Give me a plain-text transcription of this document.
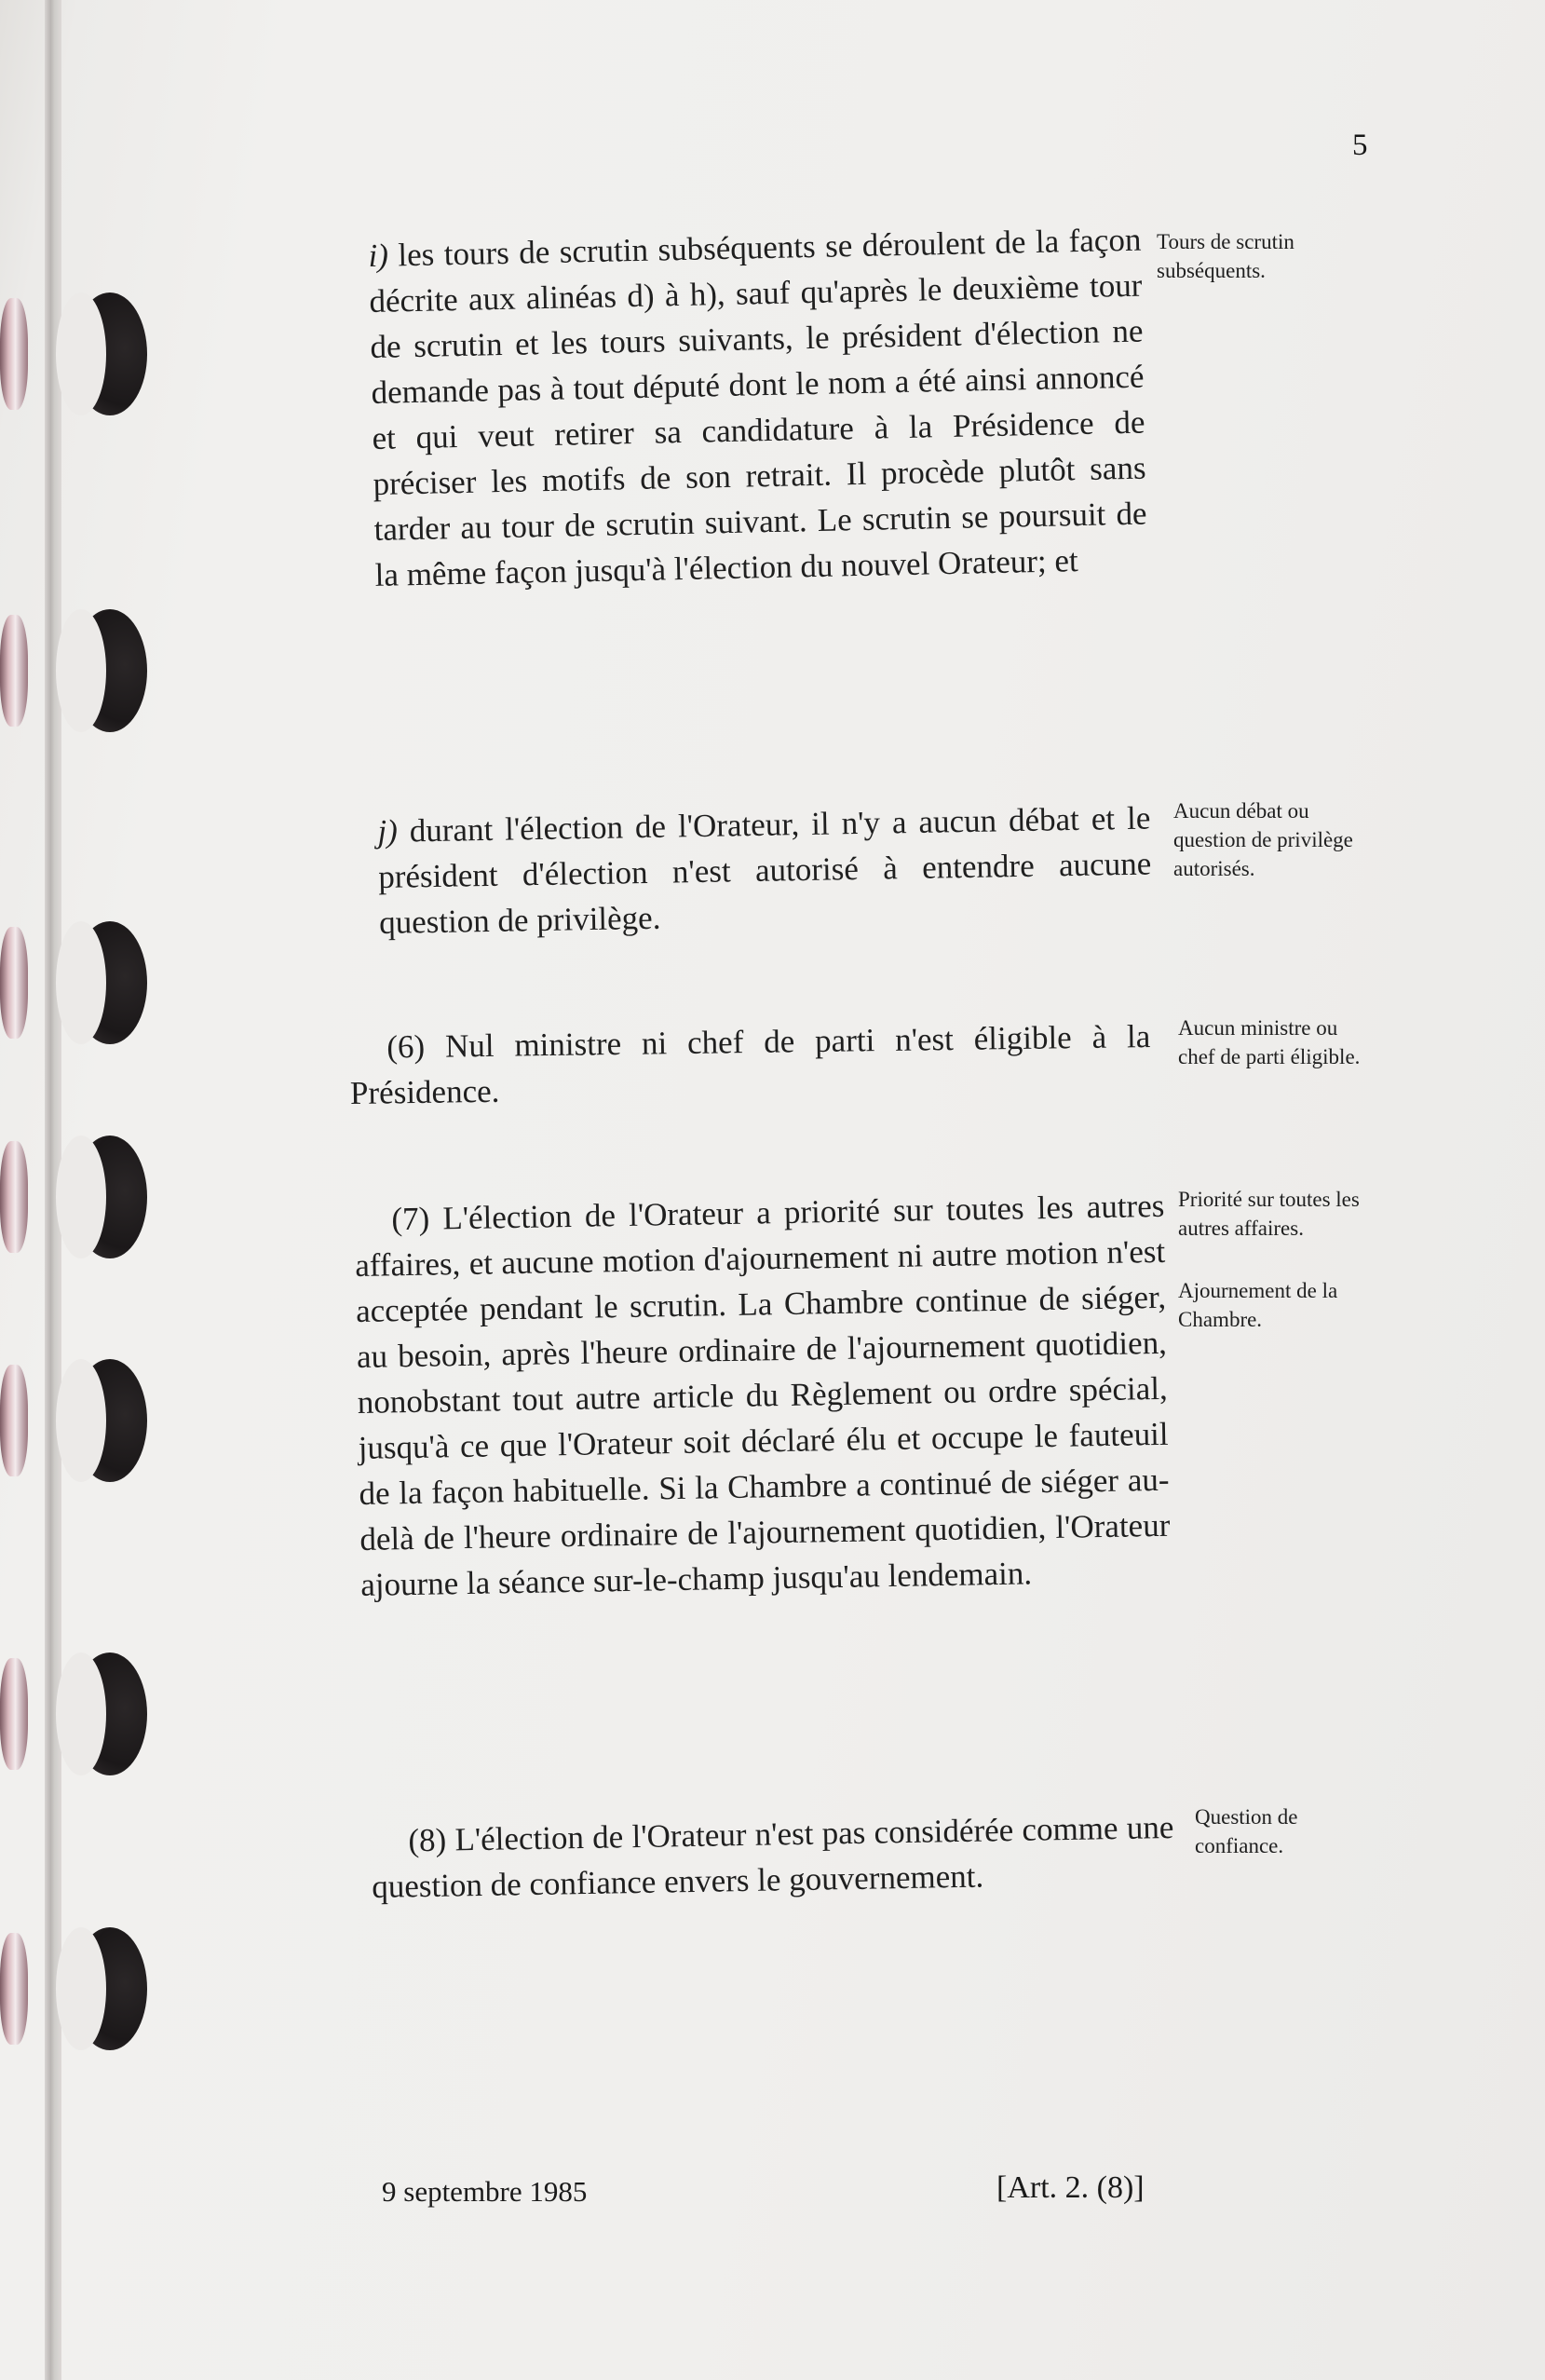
5
i) les tours de scrutin subséquents se déroulent de la façon décrite aux alinéas d) à h), sauf qu'après le deuxième tour de scrutin et les tours suivants, le président d'élection ne demande pas à tout député dont le nom a été ainsi annoncé et qui veut retirer sa candidature à la Présidence de préciser les motifs de son retrait. Il procède plutôt sans tarder au tour de scrutin suivant. Le scrutin se poursuit de la même façon jusqu'à l'élection du nouvel Orateur; et
j) durant l'élection de l'Orateur, il n'y a aucun débat et le président d'élection n'est autorisé à entendre aucune question de privilège.
(6) Nul ministre ni chef de parti n'est éligible à la Présidence.
(7) L'élection de l'Orateur a priorité sur toutes les autres affaires, et aucune motion d'ajournement ni autre motion n'est acceptée pendant le scrutin. La Chambre continue de siéger, au besoin, après l'heure ordinaire de l'ajournement quotidien, nonobstant tout autre article du Règlement ou ordre spécial, jusqu'à ce que l'Orateur soit déclaré élu et occupe le fauteuil de la façon habituelle. Si la Chambre a continué de siéger au-delà de l'heure ordinaire de l'ajournement quotidien, l'Orateur ajourne la séance sur-le-champ jusqu'au lendemain.
(8) L'élection de l'Orateur n'est pas considérée comme une question de confiance envers le gouvernement.
Tours de scrutin subséquents.
Aucun débat ou question de privilège autorisés.
Aucun ministre ou chef de parti éligible.
Priorité sur toutes les autres affaires.
Ajournement de la Chambre.
Question de confiance.
9 septembre 1985	[Art. 2. (8)]
